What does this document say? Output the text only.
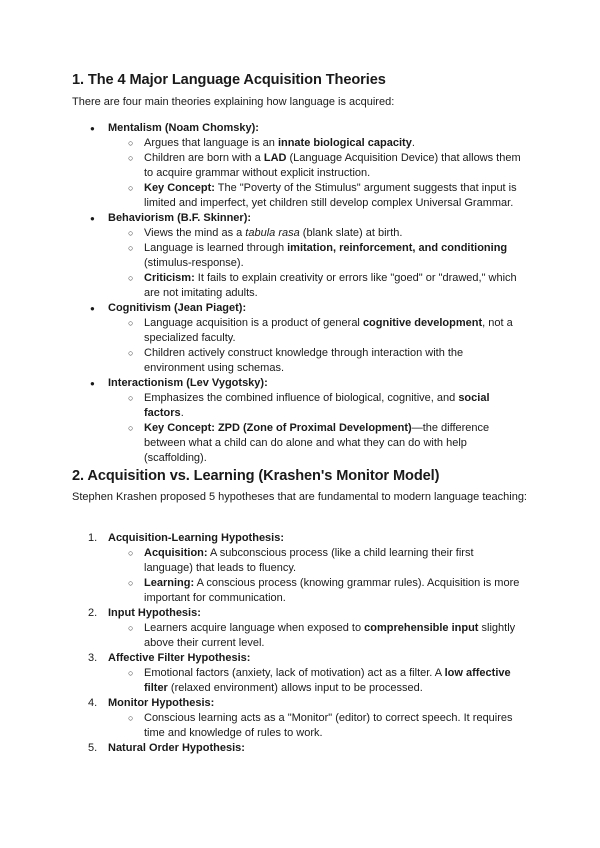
1. The 4 Major Language Acquisition Theories

There are four main theories explaining how language is acquired:

●	Mentalism (Noam Chomsky):
○ Argues that language is an innate biological capacity.
○ Children are born with a LAD (Language Acquisition Device) that allows them to acquire grammar without explicit instruction.
○ Key Concept: The "Poverty of the Stimulus" argument suggests that input is limited and imperfect, yet children still develop complex Universal Grammar.
●	Behaviorism (B.F. Skinner):
○ Views the mind as a tabula rasa (blank slate) at birth.
○ Language is learned through imitation, reinforcement, and conditioning (stimulus-response).
○ Criticism: It fails to explain creativity or errors like "goed" or "drawed," which are not imitating adults.
●	Cognitivism (Jean Piaget):
○ Language acquisition is a product of general cognitive development, not a specialized faculty.
○ Children actively construct knowledge through interaction with the environment using schemas.
●	Interactionism (Lev Vygotsky):
○ Emphasizes the combined influence of biological, cognitive, and social factors.
○ Key Concept: ZPD (Zone of Proximal Development)—the difference between what a child can do alone and what they can do with help (scaffolding).
2. Acquisition vs. Learning (Krashen's Monitor Model)

Stephen Krashen proposed 5 hypotheses that are fundamental to modern language teaching:

1. Acquisition-Learning Hypothesis:
○ Acquisition: A subconscious process (like a child learning their first language) that leads to fluency.
○ Learning: A conscious process (knowing grammar rules). Acquisition is more important for communication.
2. Input Hypothesis:
○ Learners acquire language when exposed to comprehensible input slightly above their current level.
3. Affective Filter Hypothesis:
○ Emotional factors (anxiety, lack of motivation) act as a filter. A low affective filter (relaxed environment) allows input to be processed.
4. Monitor Hypothesis:
○ Conscious learning acts as a "Monitor" (editor) to correct speech. It requires time and knowledge of rules to work.
5. Natural Order Hypothesis:
